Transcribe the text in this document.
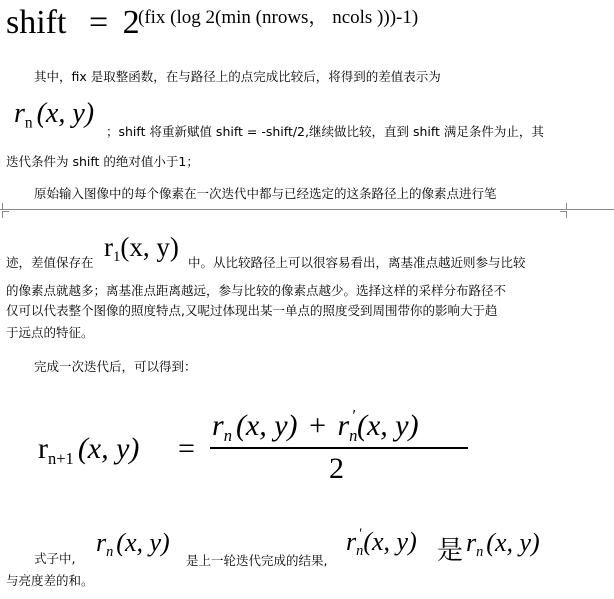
shift = 2
(fix (log 2(min (nrows， ncols )))-1)
其中，fix 是取整函数，在与路径上的点完成比较后，将得到的差值表示为
$r_n$ (x, y)
；shift 将重新赋值 shift = -shift/2,继续做比较，直到 shift 满足条件为止，其
迭代条件为 shift 的绝对值小于1；
原始输入图像中的每个像素在一次迭代中都与已经选定的这条路径上的像素点进行笔
迹，差值保存在
$r_1(x$, y)
中。从比较路径上可以很容易看出，离基准点越近则参与比较
的像素点就越多；离基准点距离越远，参与比较的像素点越少。选择这样的采样分布路径不
仅可以代表整个图像的照度特点,又呢过体现出某一单点的照度受到周围带你的影响大于趋
于远点的特征。
完成一次迭代后，可以得到：
$r_{n+1}$ (x, y) =
$r_n$ (x, $y) + r_n'(x$, y)
2
式子中,
$r_n$ (x, y)
是上一轮迭代完成的结果,
$r_n'(x$, y) 是 $r_n$ (x, y)
与亮度差的和。
